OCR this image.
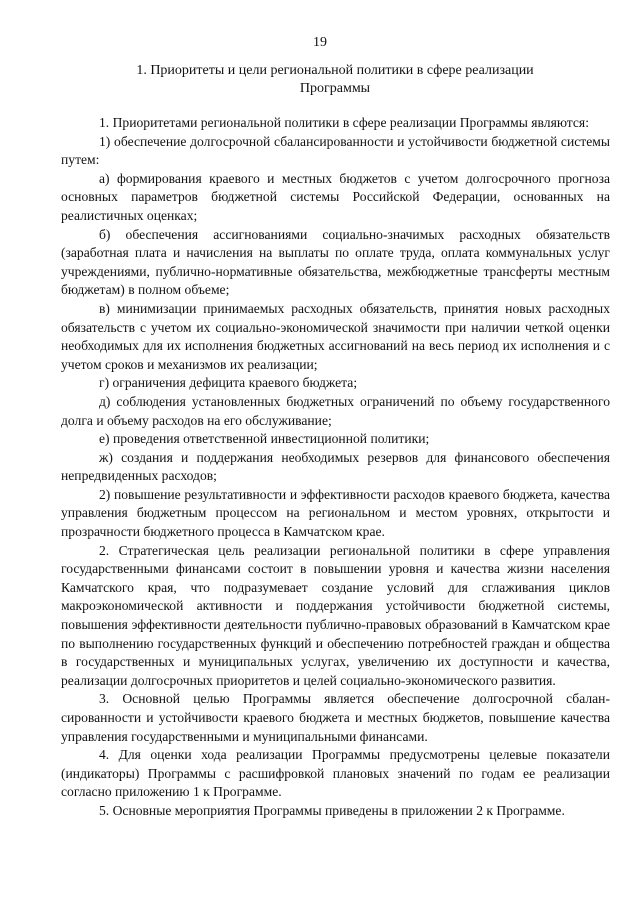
19
1. Приоритеты и цели региональной политики в сфере реализации
Программы

1. Приоритетами региональной политики в сфере реализации Программы являются:

1) обеспечение долгосрочной сбалансированности и устойчивости бюджетной системы путем:

а) формирования краевого и местных бюджетов с учетом долгосрочного прогноза основных параметров бюджетной системы Российской Федерации, основанных на реалистичных оценках;

б) обеспечения ассигнованиями социально-значимых расходных обязательств (заработная плата и начисления на выплаты по оплате труда, оплата коммунальных услуг учреждениями, публично-нормативные обязательства, межбюджетные трансферты местным бюджетам) в полном объеме;

в) минимизации принимаемых расходных обязательств, принятия новых расходных обязательств с учетом их социально-экономической значимости при наличии четкой оценки необходимых для их исполнения бюджетных ассигнований на весь период их исполнения и с учетом сроков и механизмов их реализации;

г) ограничения дефицита краевого бюджета;

д) соблюдения установленных бюджетных ограничений по объему государственного долга и объему расходов на его обслуживание;

е) проведения ответственной инвестиционной политики;

ж) создания и поддержания необходимых резервов для финансового обеспечения непредвиденных расходов;

2) повышение результативности и эффективности расходов краевого бюджета, качества управления бюджетным процессом на региональном и местом уровнях, открытости и прозрачности бюджетного процесса в Камчатском крае.

2. Стратегическая цель реализации региональной политики в сфере управления государственными финансами состоит в повышении уровня и качества жизни населения Камчатского края, что подразумевает создание условий для сглаживания циклов макроэкономической активности и поддержания устойчивости бюджетной системы, повышения эффективности деятельности публично-правовых образований в Камчатском крае по выполнению государственных функций и обеспечению потребностей граждан и общества в государственных и муниципальных услугах, увеличению их доступности и качества, реализации долгосрочных приоритетов и целей социально-экономического развития.

3. Основной целью Программы является обеспечение долгосрочной сбалансированности и устойчивости краевого бюджета и местных бюджетов, повышение качества управления государственными и муниципальными финансами.

4. Для оценки хода реализации Программы предусмотрены целевые показатели (индикаторы) Программы с расшифровкой плановых значений по годам ее реализации согласно приложению 1 к Программе.

5. Основные мероприятия Программы приведены в приложении 2 к Программе.
